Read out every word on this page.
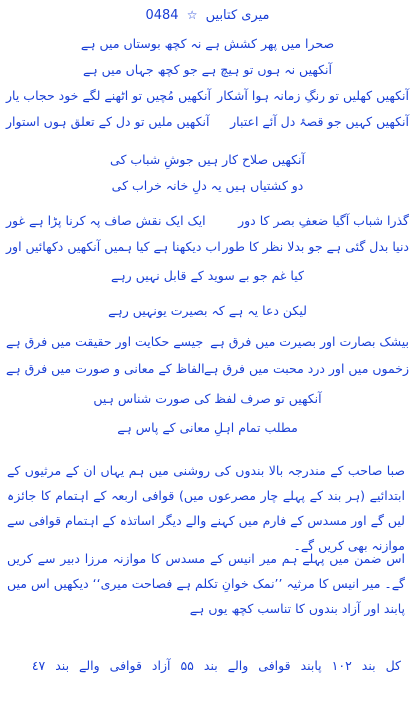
میری کتابیں ☆ 0484
صحرا میں پھر کشش ہے نہ کچھ بوستاں میں ہے
آنکھیں نہ ہوں تو ہیچ ہے جو کچھ جہاں میں ہے
آنکھیں کھلیں تو رنگِ زمانہ ہوا آشکار
آنکھیں مُچیں تو اٹھنے لگے خود حجاب یار
آنکھیں کہیں جو قصۂ دل آئے اعتبار
آنکھیں ملیں تو دل کے تعلق ہوں استوار
آنکھیں صلاح کار ہیں جوشِ شباب کی
دو کشتیاں ہیں یہ دلِ خانہ خراب کی
گذرا شباب آگیا ضعفِ بصر کا دور
ایک ایک نقش صاف پہ کرنا پڑا ہے غور
دنیا بدل گئی ہے جو بدلا نظر کا طور
اب دیکھنا ہے کیا ہمیں آنکھیں دکھائیں اور
کیا غم جو بے سوید کے قابل نہیں رہے
لیکن دعا یہ ہے کہ بصیرت یونہیں رہے
بیشک بصارت اور بصیرت میں فرق ہے
جیسے حکایت اور حقیقت میں فرق ہے
زخموں میں اور درد محبت میں فرق ہے
الفاظ کے معانی و صورت میں فرق ہے
آنکھیں تو صرف لفظ کی صورت شناس ہیں
مطلب تمام اہلِ معانی کے پاس ہے
صبا صاحب کے مندرجہ بالا بندوں کی روشنی میں ہم یہاں ان کے مرثیوں کے ابتدائیے (ہر بند کے پہلے چار مصرعوں میں) قوافی اربعہ کے اہتمام کا جائزہ لیں گے اور مسدس کے فارم میں کہنے والے دیگر اساتذہ کے اہتمام قوافی سے موازنہ بھی کریں گے۔
اس ضمن میں پہلے ہم میر انیس کے مسدس کا موازنہ مرزا دبیر سے کریں گے۔ میر انیس کا مرثیہ ’’نمک خوانِ تکلم ہے فصاحت میری‘‘ دیکھیں اس میں پابند اور آزاد بندوں کا تناسب کچھ یوں ہے
کل بند ١٠٢ پابند قوافی والے بند ۵۵ آزاد قوافی والے بند ٤٧
